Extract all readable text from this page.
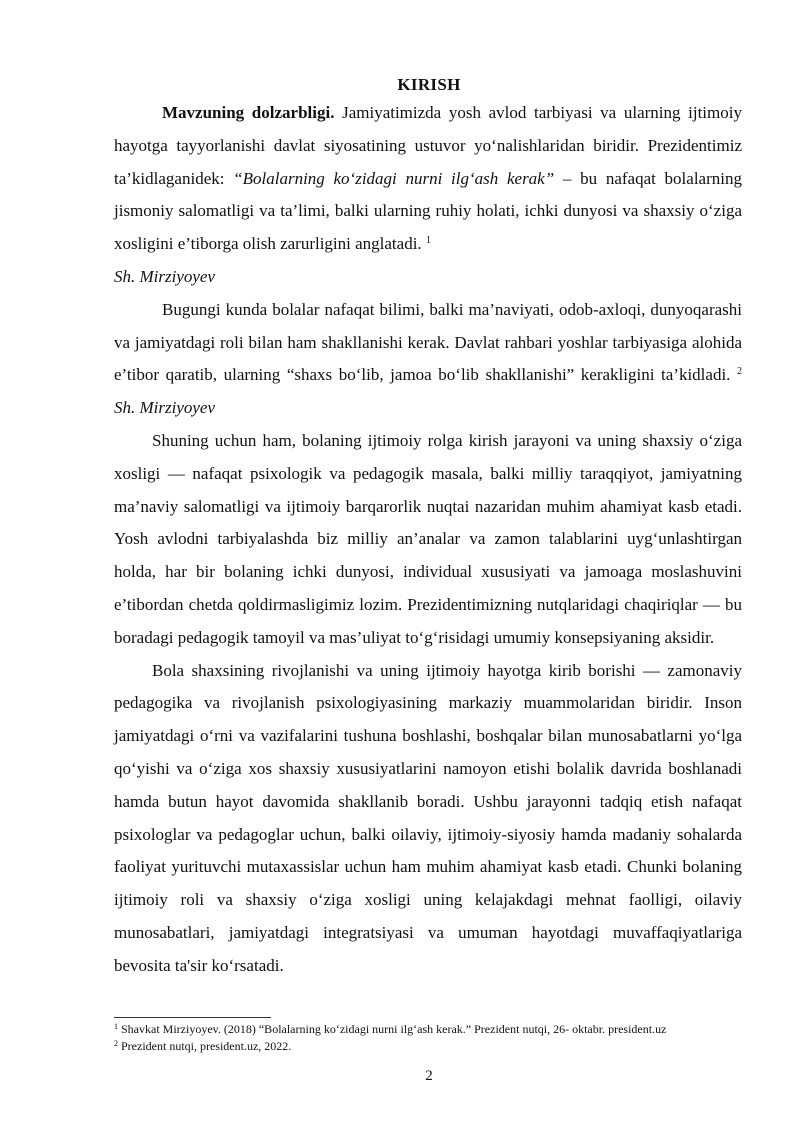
KIRISH

Mavzuning dolzarbligi. Jamiyatimizda yosh avlod tarbiyasi va ularning ijtimoiy hayotga tayyorlanishi davlat siyosatining ustuvor yo‘nalishlaridan biridir. Prezidentimiz ta’kidlaganidek: “Bolalarning ko‘zidagi nurni ilg‘ash kerak” – bu nafaqat bolalarning jismoniy salomatligi va ta’limi, balki ularning ruhiy holati, ichki dunyosi va shaxsiy o‘ziga xosligini e’tiborga olish zarurligini anglatadi. $^1$

Sh. Mirziyoyev

Bugungi kunda bolalar nafaqat bilimi, balki ma’naviyati, odob-axloqi, dunyoqarashi va jamiyatdagi roli bilan ham shakllanishi kerak. Davlat rahbari yoshlar tarbiyasiga alohida e’tibor qaratib, ularning “shaxs bo‘lib, jamoa bo‘lib shakllanishi” kerakligini ta’kidladi. $^2$ Sh. Mirziyoyev

Shuning uchun ham, bolaning ijtimoiy rolga kirish jarayoni va uning shaxsiy o‘ziga xosligi — nafaqat psixologik va pedagogik masala, balki milliy taraqqiyot, jamiyatning ma’naviy salomatligi va ijtimoiy barqarorlik nuqtai nazaridan muhim ahamiyat kasb etadi. Yosh avlodni tarbiyalashda biz milliy an’analar va zamon talablarini uyg‘unlashtirgan holda, har bir bolaning ichki dunyosi, individual xususiyati va jamoaga moslashuvini e’tibordan chetda qoldirmasligimiz lozim. Prezidentimizning nutqlaridagi chaqiriqlar — bu boradagi pedagogik tamoyil va mas’uliyat to‘g‘risidagi umumiy konsepsiyaning aksidir.

Bola shaxsining rivojlanishi va uning ijtimoiy hayotga kirib borishi — zamonaviy pedagogika va rivojlanish psixologiyasining markaziy muammolaridan biridir. Inson jamiyatdagi o‘rni va vazifalarini tushuna boshlashi, boshqalar bilan munosabatlarni yo‘lga qo‘yishi va o‘ziga xos shaxsiy xususiyatlarini namoyon etishi bolalik davrida boshlanadi hamda butun hayot davomida shakllanib boradi. Ushbu jarayonni tadqiq etish nafaqat psixologlar va pedagoglar uchun, balki oilaviy, ijtimoiy-siyosiy hamda madaniy sohalarda faoliyat yurituvchi mutaxassislar uchun ham muhim ahamiyat kasb etadi. Chunki bolaning ijtimoiy roli va shaxsiy o‘ziga xosligi uning kelajakdagi mehnat faolligi, oilaviy munosabatlari, jamiyatdagi integratsiyasi va umuman hayotdagi muvaffaqiyatlariga bevosita ta'sir ko‘rsatadi.

$^1$ Shavkat Mirziyoyev. (2018) “Bolalarning ko‘zidagi nurni ilg‘ash kerak.” Prezident nutqi, 26- oktabr. president.uz
$^2$ Prezident nutqi, president.uz, 2022.
2
